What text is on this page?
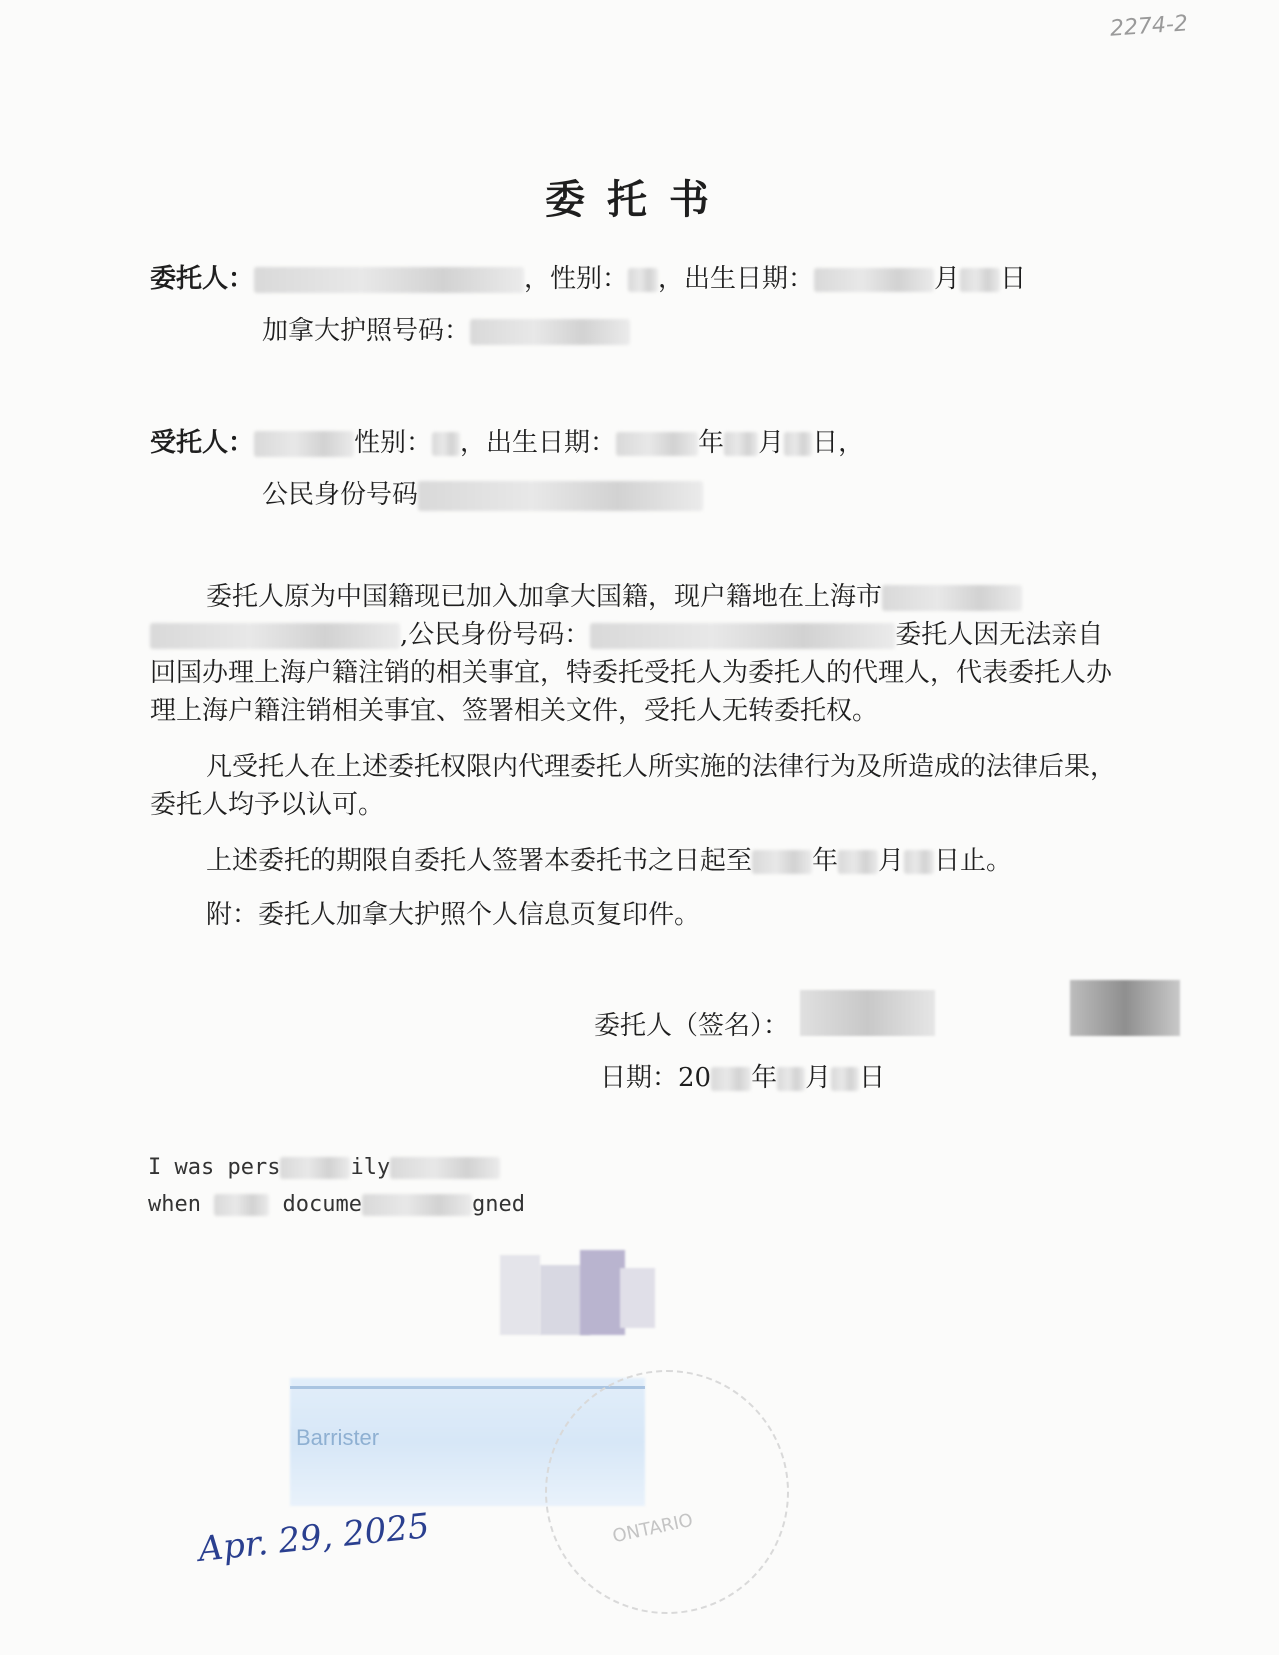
2274-2
委托书
委托人：	，性别： ，出生日期：	月 日
加拿大护照号码：
受托人：	性别： ，出生日期：	年 月 日，
公民身份号码
委托人原为中国籍现已加入加拿大国籍，现户籍地在上海市 ,公民身份号码：	委托人因无法亲自回国办理上海户籍注销的相关事宜，特委托受托人为委托人的代理人，代表委托人办理上海户籍注销相关事宜、签署相关文件，受托人无转委托权。
凡受托人在上述委托权限内代理委托人所实施的法律行为及所造成的法律后果，委托人均予以认可。
上述委托的期限自委托人签署本委托书之日起至 年 月 日止。
附：委托人加拿大护照个人信息页复印件。
委托人（签名）：
日期：20 年 月 日
I was pers	ily
when	docume	gned
Barrister
ONTARIO
Apr. 29, 2025
